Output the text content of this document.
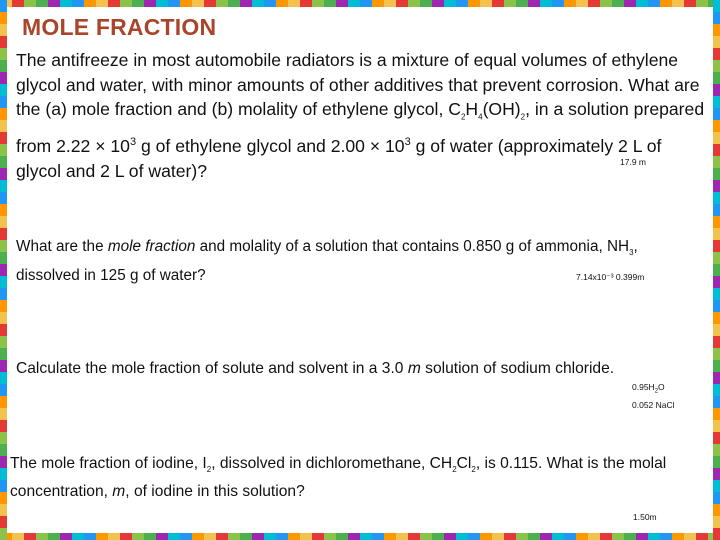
MOLE FRACTION
The antifreeze in most automobile radiators is a mixture of equal volumes of ethylene glycol and water, with minor amounts of other additives that prevent corrosion. What are the (a) mole fraction and (b) molality of ethylene glycol, $C_2H_4(OH)_2$, in a solution prepared from $2.22 \times 10^3$ g of ethylene glycol and $2.00 \times 10^3$ g of water (approximately 2 L of glycol and 2 L of water)?	17.9 m
What are the mole fraction and molality of a solution that contains 0.850 g of ammonia, $NH_3$, dissolved in 125 g of water?	7.14x10⁻³ 0.399m
Calculate the mole fraction of solute and solvent in a 3.0 m solution of sodium chloride.
$0.95H_2O$
0.052 NaCl
The mole fraction of iodine, $I_2$, dissolved in dichloromethane, $CH_2Cl_2$, is 0.115. What is the molal concentration, m, of iodine in this solution?
1.50m
